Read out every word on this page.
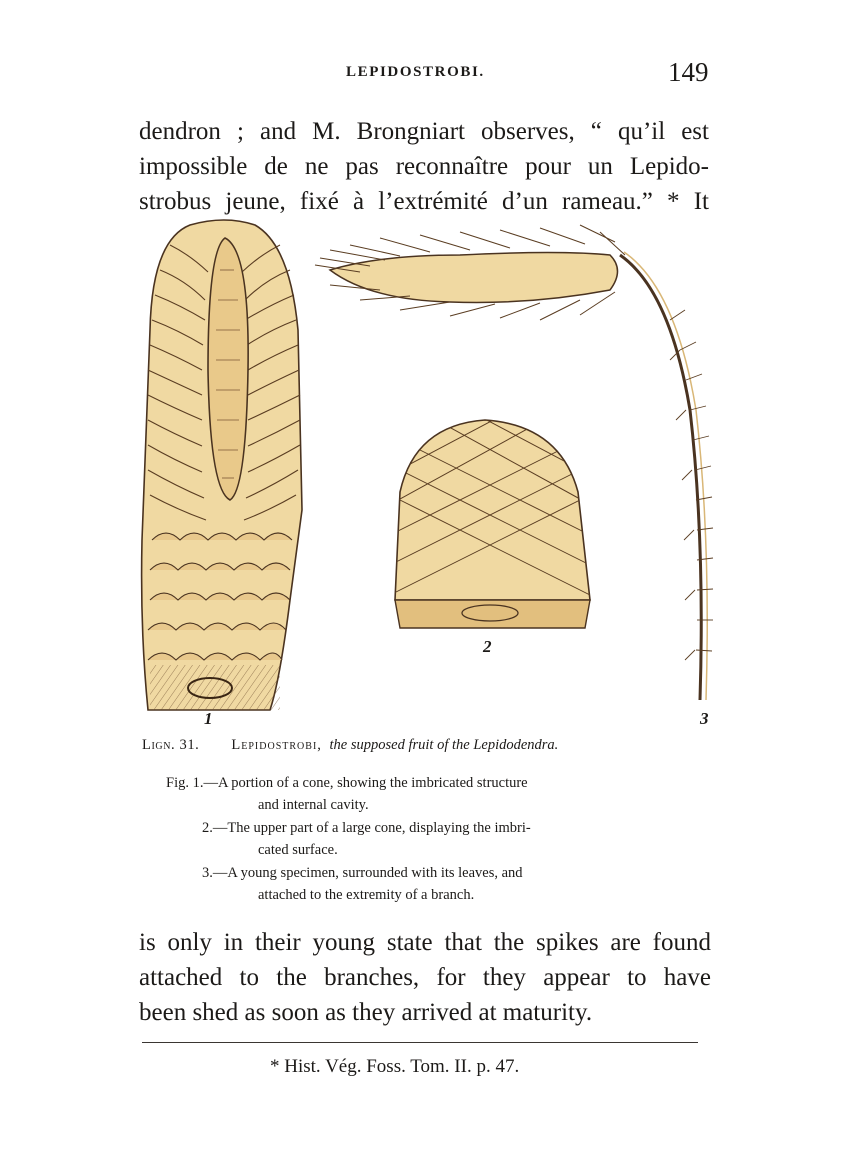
LEPIDOSTROBI.	149
dendron ; and M. Brongniart observes, “ qu’il est
impossible de ne pas reconnaître pour un Lepido-
strobus jeune, fixé à l’extrémité d’un rameau.” * It
1
2
3
Lign. 31. Lepidostrobi, the supposed fruit of the Lepidodendra.
Fig. 1.—A portion of a cone, showing the imbricated structure
and internal cavity.
2.—The upper part of a large cone, displaying the imbri-
cated surface.
3.—A young specimen, surrounded with its leaves, and
attached to the extremity of a branch.
is only in their young state that the spikes are found
attached to the branches, for they appear to have
been shed as soon as they arrived at maturity.
* Hist. Vég. Foss. Tom. II. p. 47.
